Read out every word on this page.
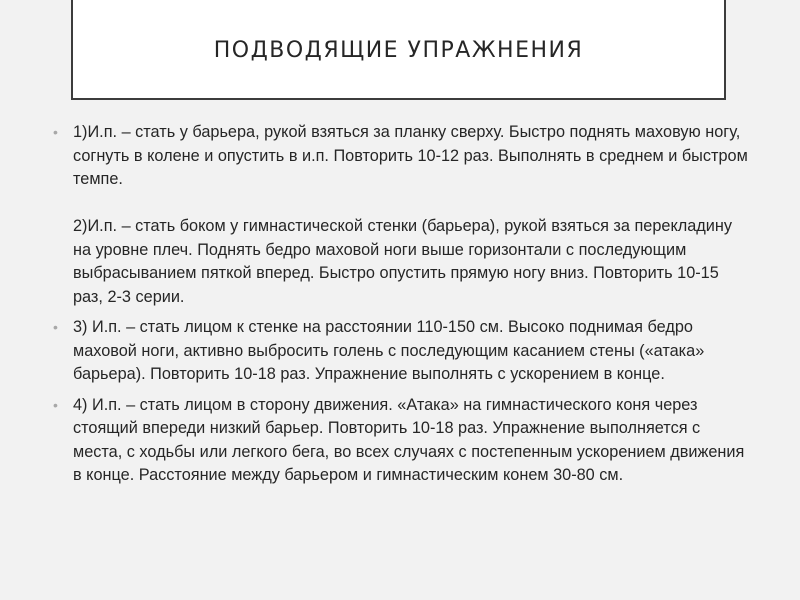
ПОДВОДЯЩИЕ УПРАЖНЕНИЯ
• 1)И.п. – стать у барьера, рукой взяться за планку сверху. Быстро поднять маховую ногу, согнуть в колене и опустить в и.п. Повторить 10-12 раз. Выполнять в среднем и быстром темпе.

2)И.п. – стать боком у гимнастической стенки (барьера), рукой взяться за перекладину на уровне плеч. Поднять бедро маховой ноги выше горизонтали с последующим выбрасыванием пяткой вперед. Быстро опустить прямую ногу вниз. Повторить 10-15 раз, 2-3 серии.

• 3) И.п. – стать лицом к стенке на расстоянии 110-150 см. Высоко поднимая бедро маховой ноги, активно выбросить голень с последующим касанием стены («атака» барьера). Повторить 10-18 раз. Упражнение выполнять с ускорением в конце.

• 4) И.п. – стать лицом в сторону движения. «Атака» на гимнастического коня через стоящий впереди низкий барьер. Повторить 10-18 раз. Упражнение выполняется с места, с ходьбы или легкого бега, во всех случаях с постепенным ускорением движения в конце. Расстояние между барьером и гимнастическим конем 30-80 см.
